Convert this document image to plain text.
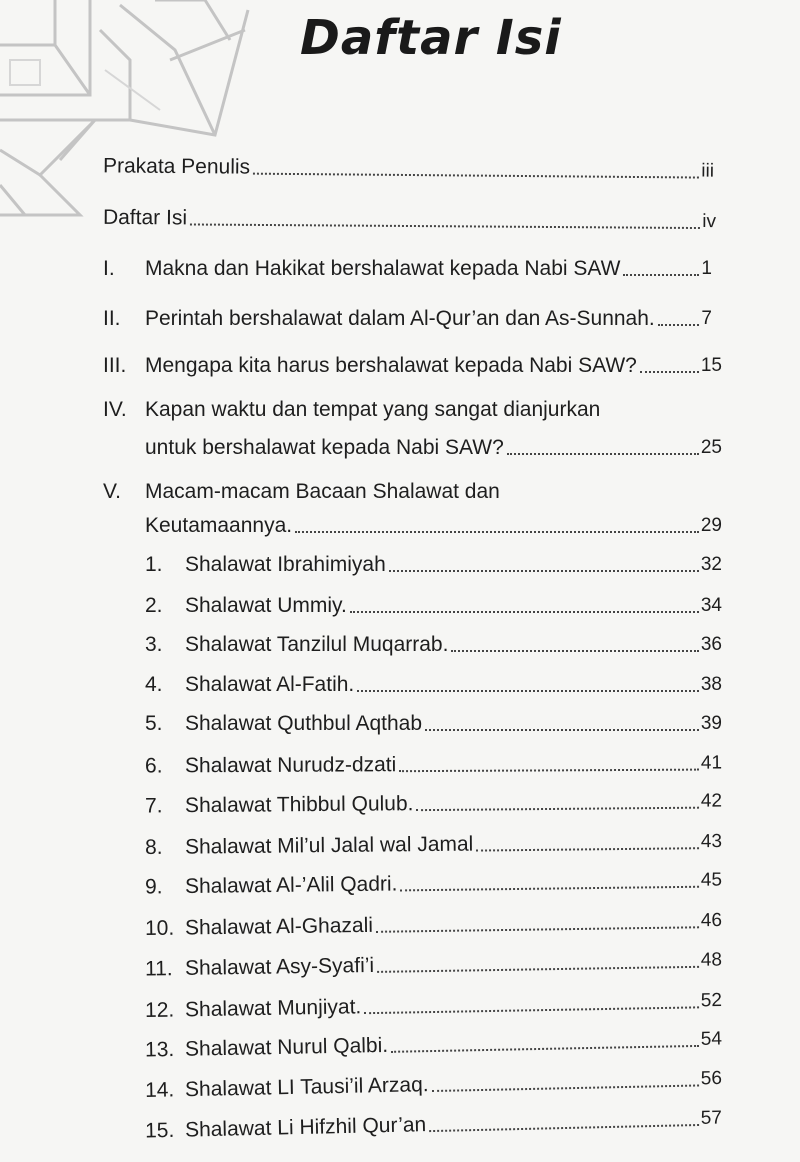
Daftar Isi
Prakata Penulis	iii
Daftar Isi	iv
I.	Makna dan Hakikat bershalawat kepada Nabi SAW	1
II.	Perintah bershalawat dalam Al-Qur’an dan As-Sunnah. 7
III. Mengapa kita harus bershalawat kepada Nabi SAW?	15
IV. Kapan waktu dan tempat yang sangat dianjurkan
untuk bershalawat kepada Nabi SAW?	25
V. Macam-macam Bacaan Shalawat dan
Keutamaannya.	29
1.	Shalawat Ibrahimiyah	32
2.	Shalawat Ummiy.	34
3.	Shalawat Tanzilul Muqarrab.	36
4.	Shalawat Al-Fatih.	38
5.	Shalawat Quthbul Aqthab	39
6.	Shalawat Nurudz-dzati	41
7.	Shalawat Thibbul Qulub.	42
8.	Shalawat Mil’ul Jalal wal Jamal	43
9.	Shalawat Al-’Alil Qadri.	45
10. Shalawat Al-Ghazali	46
11. Shalawat Asy-Syafi’i	48
12. Shalawat Munjiyat.	52
13. Shalawat Nurul Qalbi.	54
14. Shalawat LI Tausi’il Arzaq.	56
15. Shalawat Li Hifzhil Qur’an	57
